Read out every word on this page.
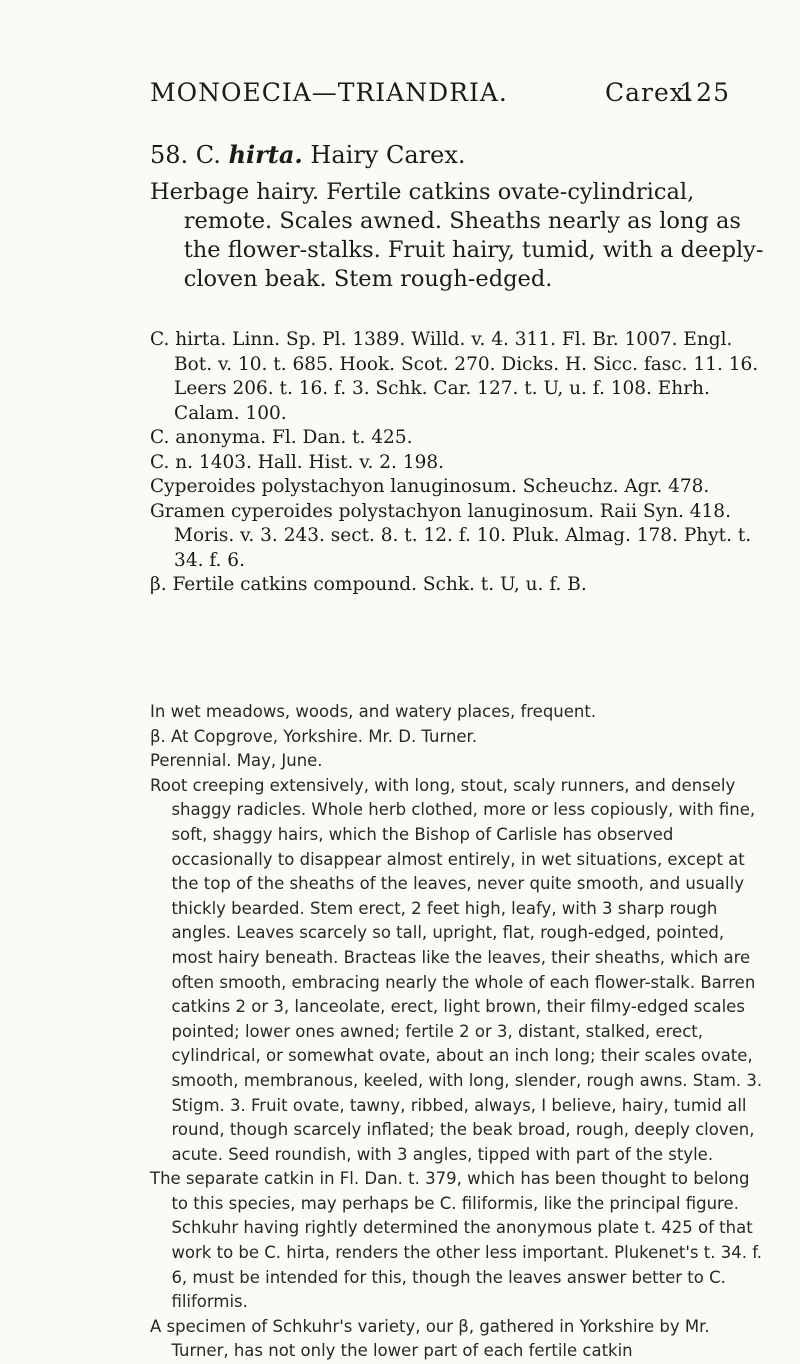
MONOECIA—TRIANDRIA.	Carex.
125
58. C. hirta. Hairy Carex.
Herbage hairy. Fertile catkins ovate-cylindrical, remote. Scales awned. Sheaths nearly as long as the flower-stalks. Fruit hairy, tumid, with a deeply-cloven beak. Stem rough-edged.
C. hirta. Linn. Sp. Pl. 1389. Willd. v. 4. 311. Fl. Br. 1007. Engl. Bot. v. 10. t. 685. Hook. Scot. 270. Dicks. H. Sicc. fasc. 11. 16. Leers 206. t. 16. f. 3. Schk. Car. 127. t. U, u. f. 108. Ehrh. Calam. 100.
C. anonyma. Fl. Dan. t. 425.
C. n. 1403. Hall. Hist. v. 2. 198.
Cyperoides polystachyon lanuginosum. Scheuchz. Agr. 478.
Gramen cyperoides polystachyon lanuginosum. Raii Syn. 418. Moris. v. 3. 243. sect. 8. t. 12. f. 10. Pluk. Almag. 178. Phyt. t. 34. f. 6.
β. Fertile catkins compound. Schk. t. U, u. f. B.
In wet meadows, woods, and watery places, frequent.
β. At Copgrove, Yorkshire. Mr. D. Turner.
Perennial. May, June.
Root creeping extensively, with long, stout, scaly runners, and densely shaggy radicles. Whole herb clothed, more or less copiously, with fine, soft, shaggy hairs, which the Bishop of Carlisle has observed occasionally to disappear almost entirely, in wet situations, except at the top of the sheaths of the leaves, never quite smooth, and usually thickly bearded. Stem erect, 2 feet high, leafy, with 3 sharp rough angles. Leaves scarcely so tall, upright, flat, rough-edged, pointed, most hairy beneath. Bracteas like the leaves, their sheaths, which are often smooth, embracing nearly the whole of each flower-stalk. Barren catkins 2 or 3, lanceolate, erect, light brown, their filmy-edged scales pointed; lower ones awned; fertile 2 or 3, distant, stalked, erect, cylindrical, or somewhat ovate, about an inch long; their scales ovate, smooth, membranous, keeled, with long, slender, rough awns. Stam. 3. Stigm. 3. Fruit ovate, tawny, ribbed, always, I believe, hairy, tumid all round, though scarcely inflated; the beak broad, rough, deeply cloven, acute. Seed roundish, with 3 angles, tipped with part of the style.
The separate catkin in Fl. Dan. t. 379, which has been thought to belong to this species, may perhaps be C. filiformis, like the principal figure. Schkuhr having rightly determined the anonymous plate t. 425 of that work to be C. hirta, renders the other less important. Plukenet's t. 34. f. 6, must be intended for this, though the leaves answer better to C. filiformis.
A specimen of Schkuhr's variety, our β, gathered in Yorkshire by Mr. Turner, has not only the lower part of each fertile catkin
